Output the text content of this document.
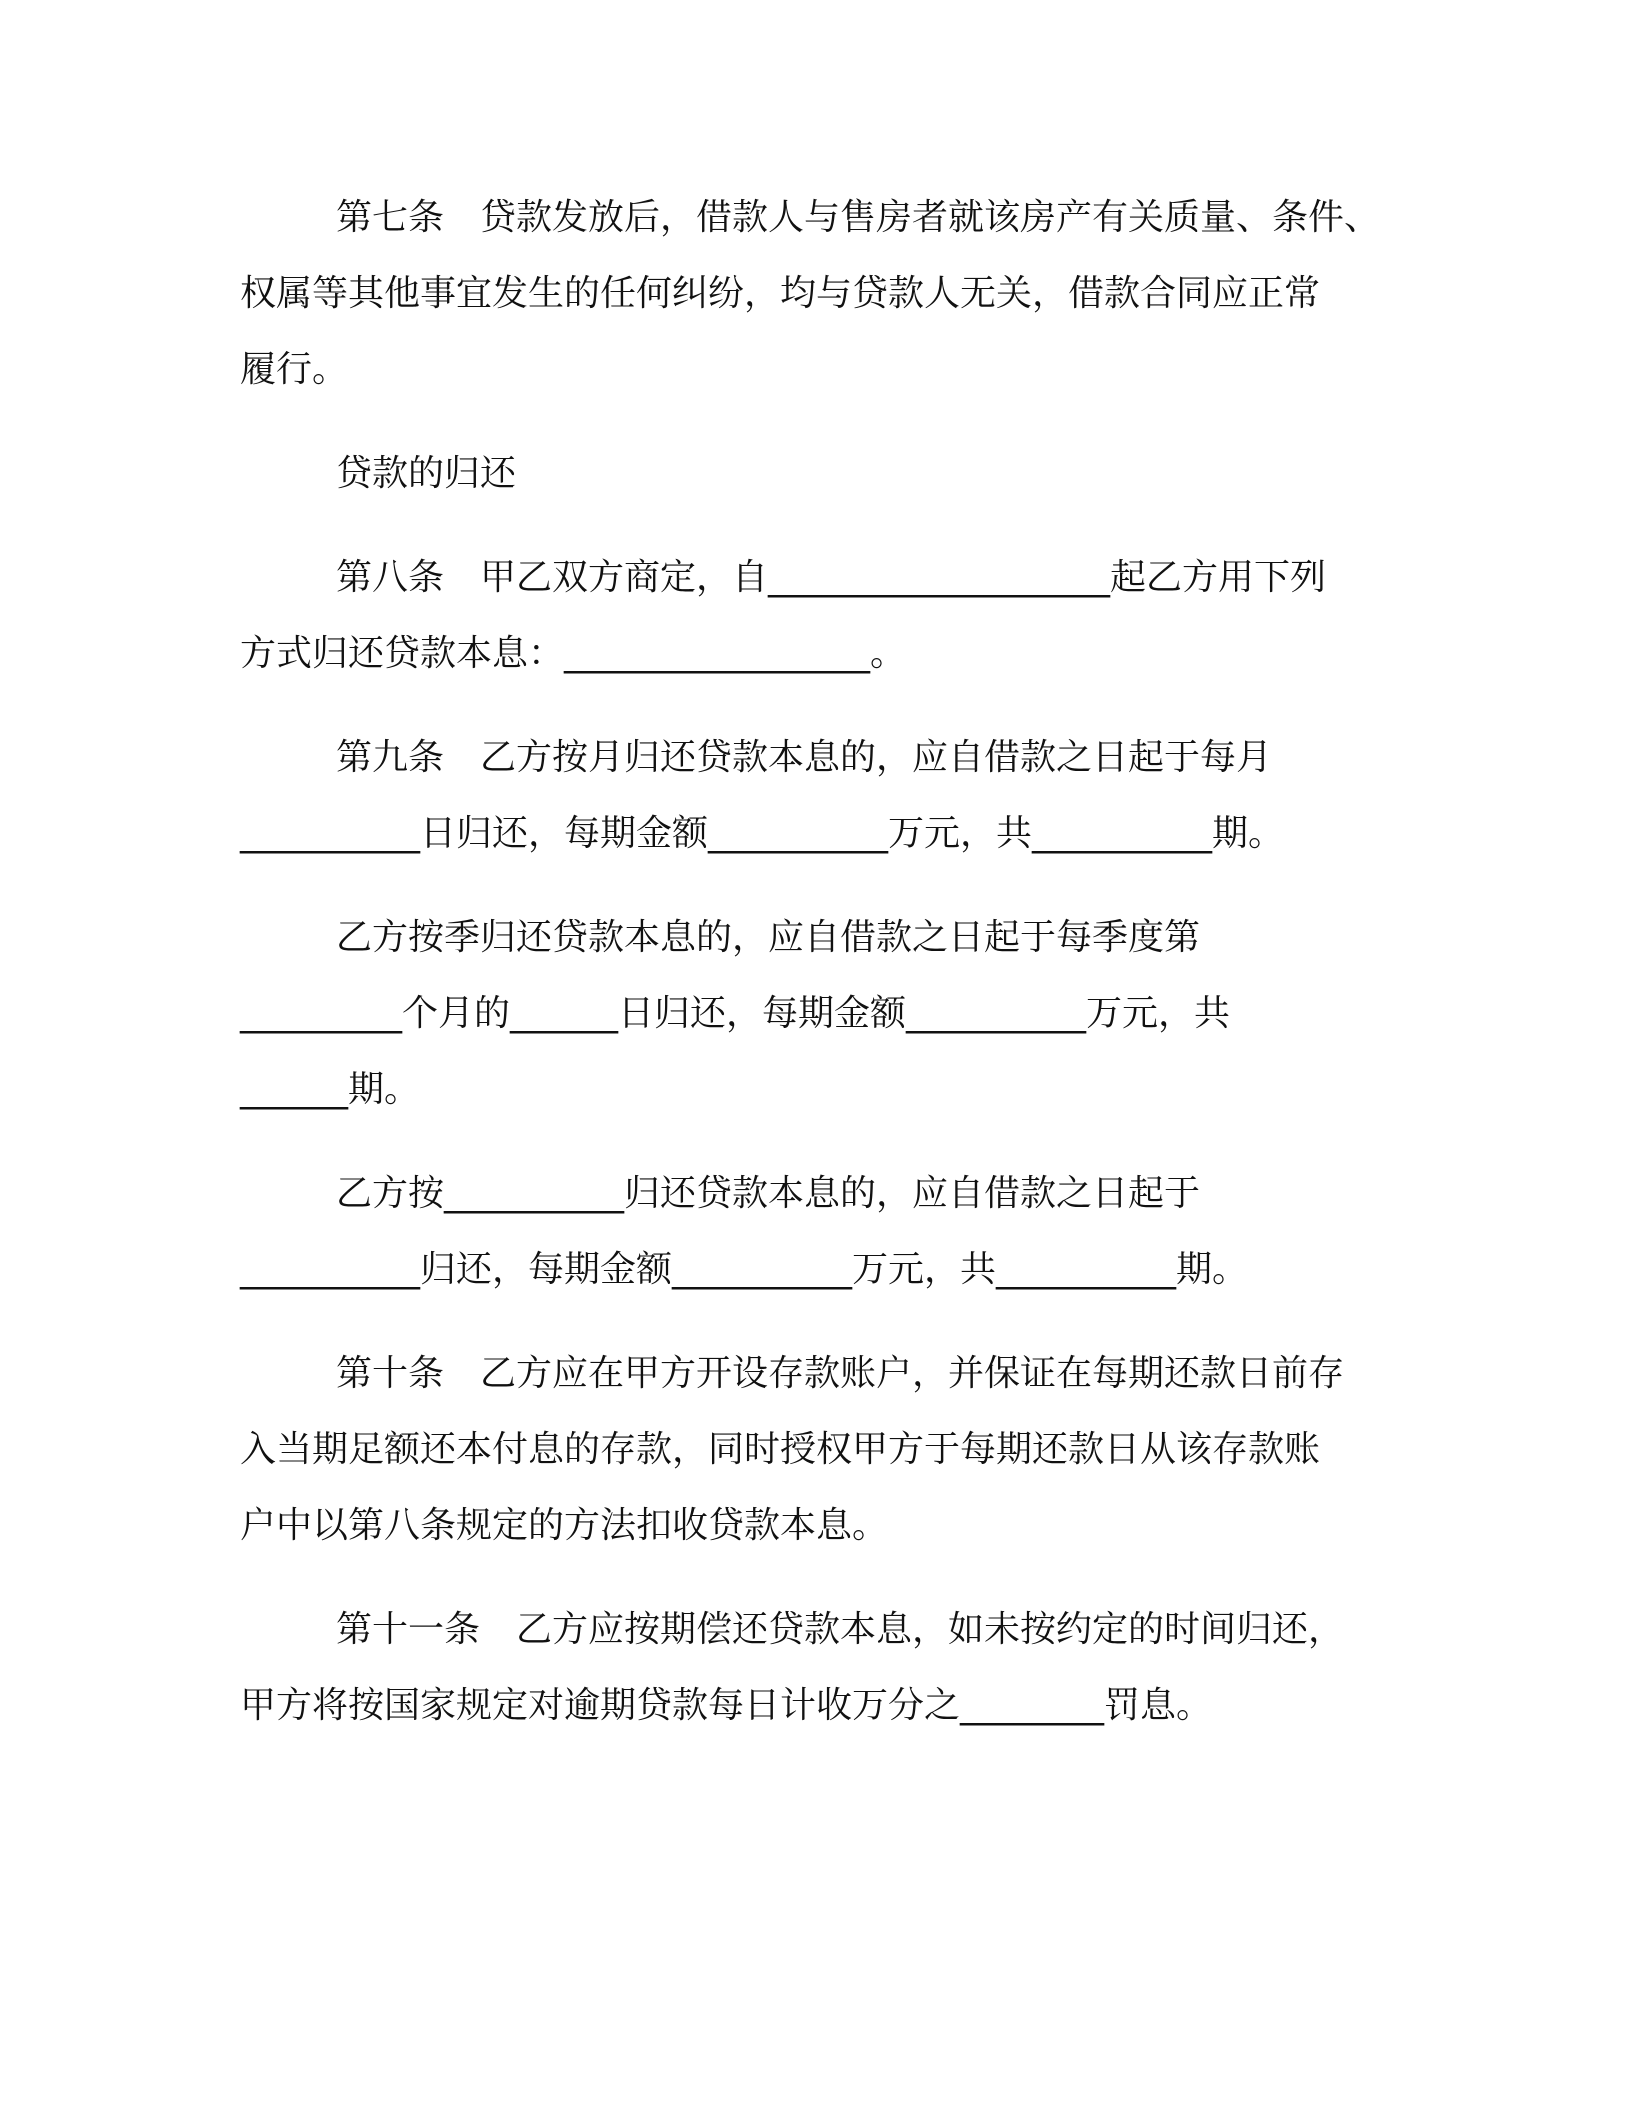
第七条　贷款发放后，借款人与售房者就该房产有关质量、条件、
权属等其他事宜发生的任何纠纷，均与贷款人无关，借款合同应正常
履行。
贷款的归还
第八条　甲乙双方商定，自___________________起乙方用下列
方式归还贷款本息：_________________。
第九条　乙方按月归还贷款本息的，应自借款之日起于每月
__________日归还，每期金额__________万元，共__________期。
乙方按季归还贷款本息的，应自借款之日起于每季度第
_________个月的______日归还，每期金额__________万元，共
______期。
乙方按__________归还贷款本息的，应自借款之日起于
__________归还，每期金额__________万元，共__________期。
第十条　乙方应在甲方开设存款账户，并保证在每期还款日前存
入当期足额还本付息的存款，同时授权甲方于每期还款日从该存款账
户中以第八条规定的方法扣收贷款本息。
第十一条　乙方应按期偿还贷款本息，如未按约定的时间归还，
甲方将按国家规定对逾期贷款每日计收万分之________罚息。
